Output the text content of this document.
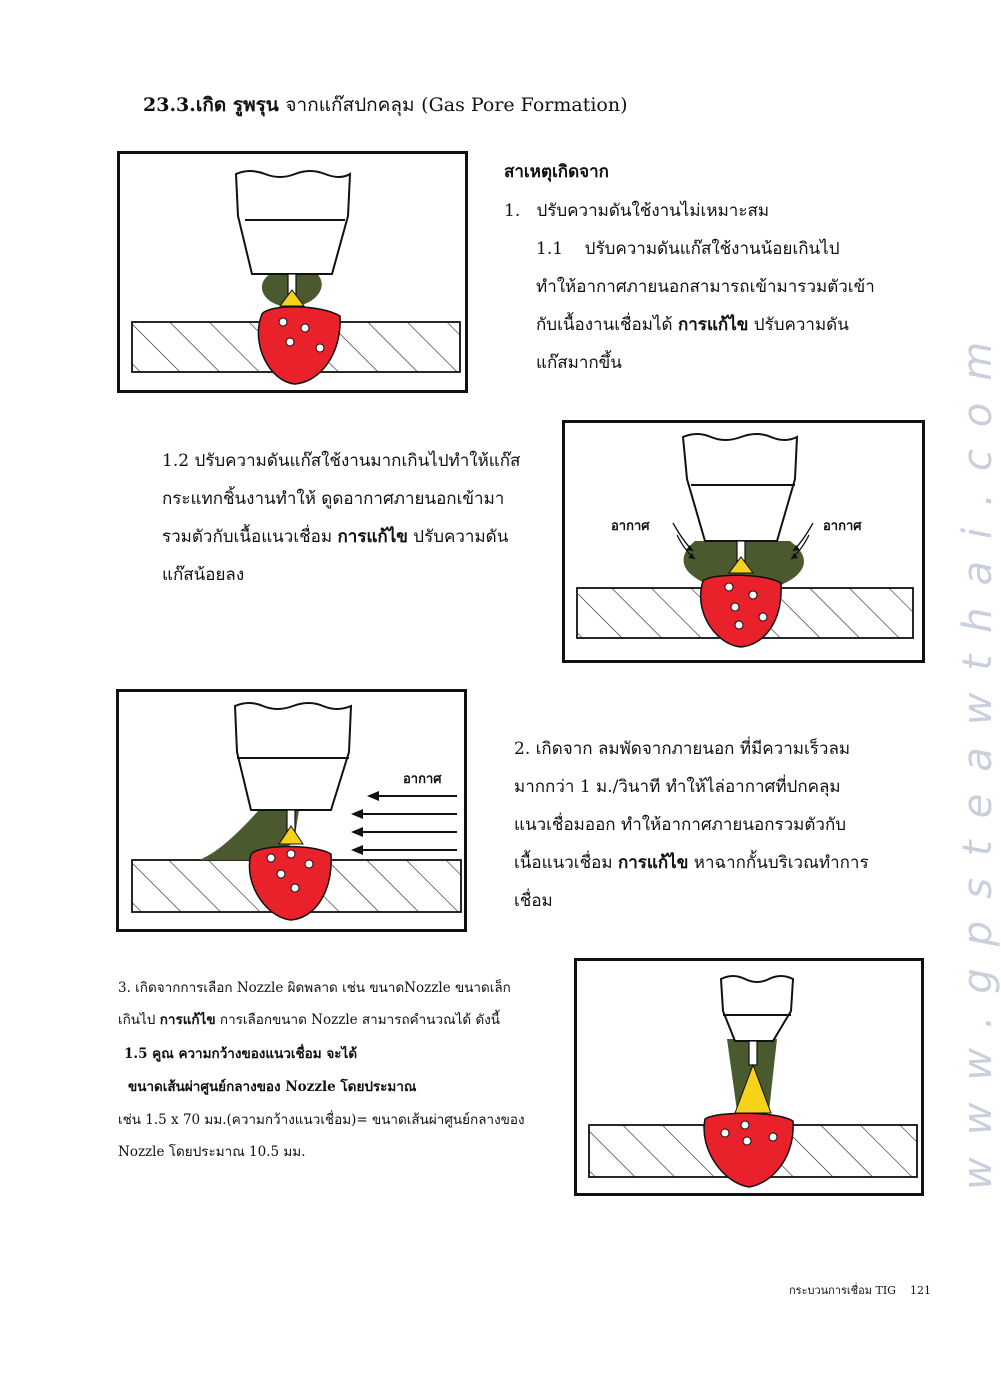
23.3.เกิด รูพรุน จากแก๊สปกคลุม (Gas Pore Formation)
สาเหตุเกิดจาก
1. ปรับความดันใช้งานไม่เหมาะสม
1.1 ปรับความดันแก๊สใช้งานน้อยเกินไป
ทำให้อากาศภายนอกสามารถเข้ามารวมตัวเข้า
กับเนื้องานเชื่อมได้ การแก้ไข ปรับความดัน
แก๊สมากขึ้น
1.2 ปรับความดันแก๊สใช้งานมากเกินไปทำให้แก๊ส
กระแทกชิ้นงานทำให้ ดูดอากาศภายนอกเข้ามา
รวมตัวกับเนื้อแนวเชื่อม การแก้ไข ปรับความดัน
แก๊สน้อยลง
อากาศ	อากาศ
อากาศ
2. เกิดจาก ลมพัดจากภายนอก ที่มีความเร็วลม
มากกว่า 1 ม./วินาที ทำให้ไล่อากาศที่ปกคลุม
แนวเชื่อมออก ทำให้อากาศภายนอกรวมตัวกับ
เนื้อแนวเชื่อม การแก้ไข หาฉากกั้นบริเวณทำการ
เชื่อม
3. เกิดจากการเลือก Nozzle ผิดพลาด เช่น ขนาดNozzle ขนาดเล็ก
เกินไป การแก้ไข การเลือกขนาด Nozzle สามารถคำนวณได้ ดังนี้
1.5 คูณ ความกว้างของแนวเชื่อม จะได้
ขนาดเส้นผ่าศูนย์กลางของ Nozzle โดยประมาณ
เช่น 1.5 x 70 มม.(ความกว้างแนวเชื่อม)= ขนาดเส้นผ่าศูนย์กลางของ
Nozzle โดยประมาณ 10.5 มม.	www.gpsteawthai.com
กระบวนการเชื่อม TIG 121
